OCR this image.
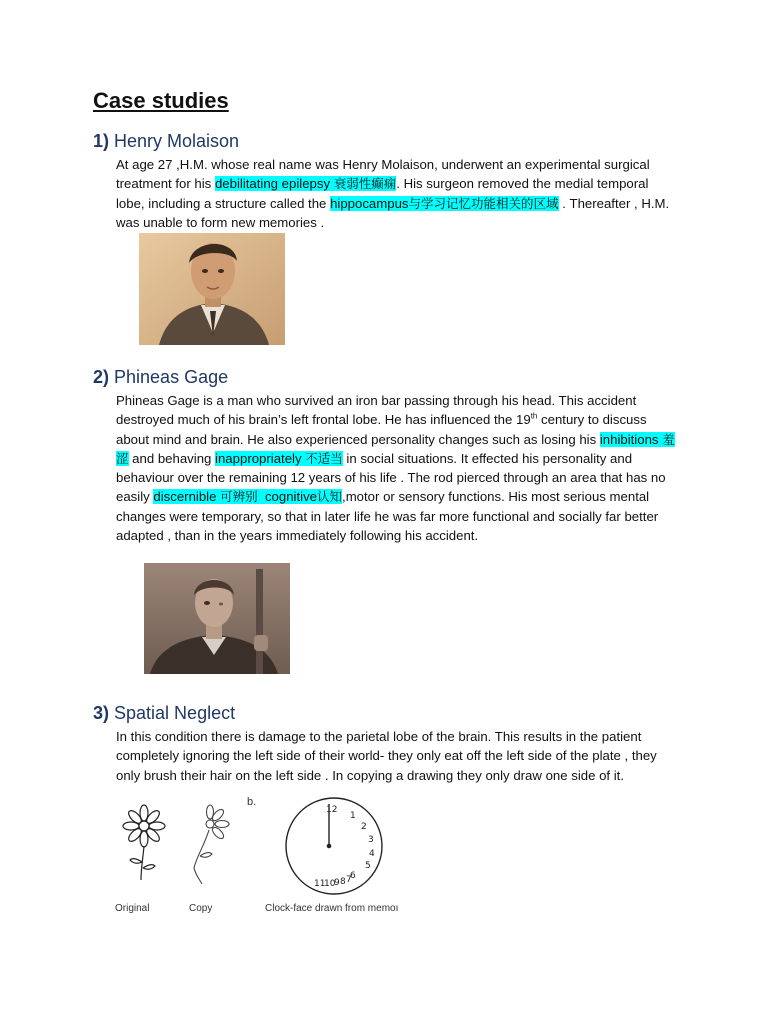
Case studies
1) Henry Molaison

At age 27 ,H.M. whose real name was Henry Molaison, underwent an experimental surgical treatment for his debilitating epilepsy 衰弱性癫痫. His surgeon removed the medial temporal lobe, including a structure called the hippocampus与学习记忆功能相关的区域 . Thereafter , H.M. was unable to form new memories .

2) Phineas Gage

Phineas Gage is a man who survived an iron bar passing through his head. This accident destroyed much of his brain’s left frontal lobe. He has influenced the 19th century to discuss about mind and brain. He also experienced personality changes such as losing his inhibitions 羞涩 and behaving inappropriately 不适当 in social situations. It effected his personality and behaviour over the remaining 12 years of his life . The rod pierced through an area that has no easily discernible 可辨别 cognitive认知,motor or sensory functions. His most serious mental changes were temporary, so that in later life he was far more functional and socially far better adapted , than in the years immediately following his accident.

3) Spatial Neglect

In this condition there is damage to the parietal lobe of the brain. This results in the patient completely ignoring the left side of their world- they only eat off the left side of the plate , they only brush their hair on the left side . In copying a drawing they only draw one side of it.

b.
12
1
2
3
4
5
6
7
8
9
10
11
Original	Copy	Clock-face drawn from memoı
